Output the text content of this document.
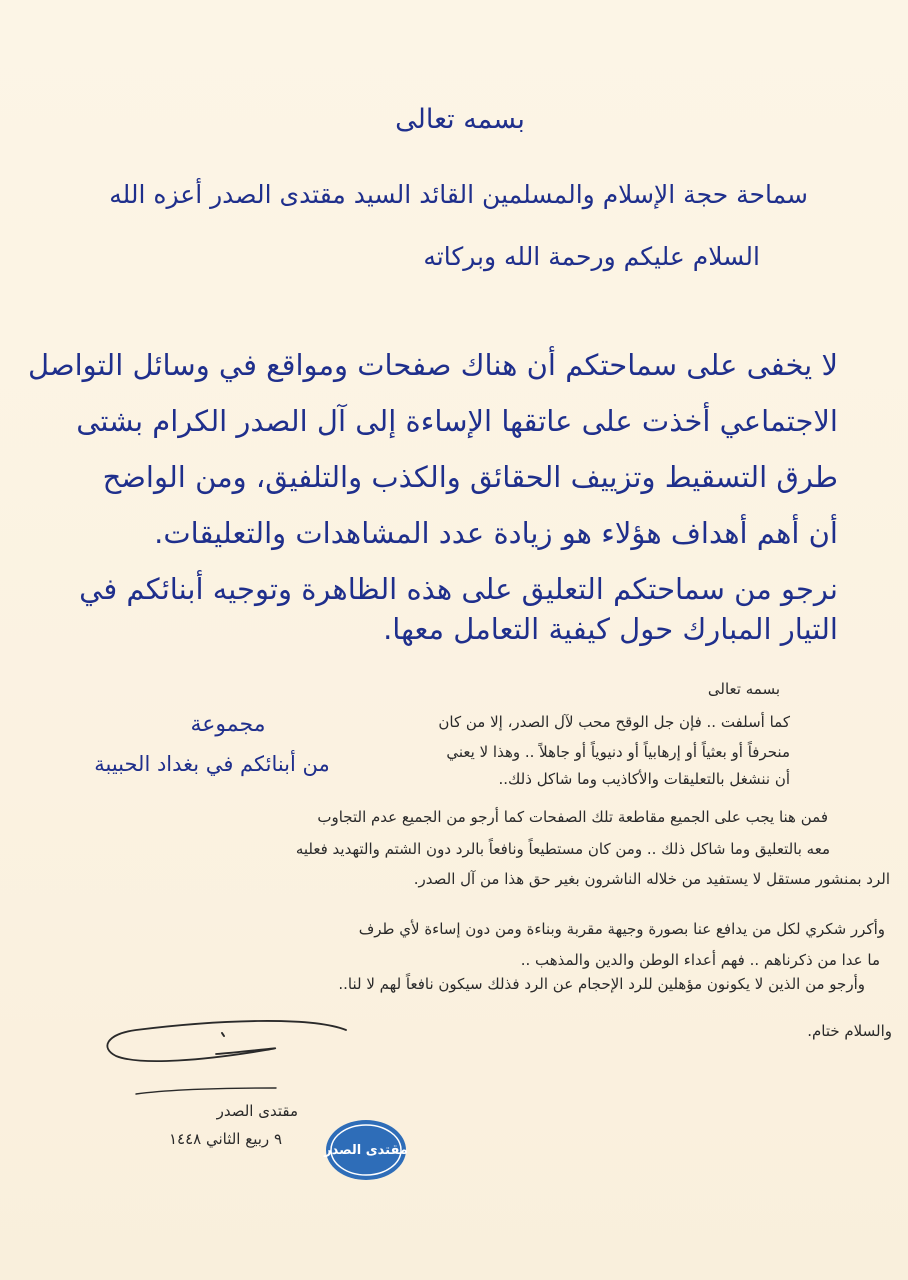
بسمه تعالى
سماحة حجة الإسلام والمسلمين القائد السيد مقتدى الصدر أعزه الله
السلام عليكم ورحمة الله وبركاته
لا يخفى على سماحتكم أن هناك صفحات ومواقع في وسائل التواصل
الاجتماعي أخذت على عاتقها الإساءة إلى آل الصدر الكرام بشتى
طرق التسقيط وتزييف الحقائق والكذب والتلفيق، ومن الواضح
أن أهم أهداف هؤلاء هو زيادة عدد المشاهدات والتعليقات.
نرجو من سماحتكم التعليق على هذه الظاهرة وتوجيه أبنائكم في
التيار المبارك حول كيفية التعامل معها.
مجموعة
من أبنائكم في بغداد الحبيبة
بسمه تعالى
كما أسلفت .. فإن جل الوقح محب لآل الصدر، إلا من كان
منحرفاً أو بعثياً أو إرهابياً أو دنيوياً أو جاهلاً .. وهذا لا يعني
أن ننشغل بالتعليقات والأكاذيب وما شاكل ذلك..
فمن هنا يجب على الجميع مقاطعة تلك الصفحات كما أرجو من الجميع عدم التجاوب
معه بالتعليق وما شاكل ذلك .. ومن كان مستطيعاً ونافعاً بالرد دون الشتم والتهديد فعليه
الرد بمنشور مستقل لا يستفيد من خلاله الناشرون بغير حق هذا من آل الصدر.
وأكرر شكري لكل من يدافع عنا بصورة وجيهة مقربة وبناءة ومن دون إساءة لأي طرف
ما عدا من ذكرناهم .. فهم أعداء الوطن والدين والمذهب ..
وأرجو من الذين لا يكونون مؤهلين للرد الإحجام عن الرد فذلك سيكون نافعاً لهم لا لنا..
والسلام ختام.
مقتدى الصدر
٩ ربيع الثاني ١٤٤٨
مقتدى الصدر
